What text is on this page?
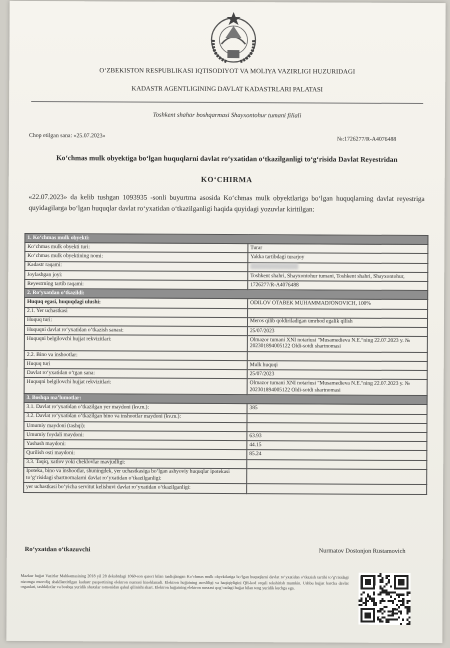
O‘ZBEKISTON RESPUBLIKASI IQTISODIYOT VA MOLIYA VAZIRLIGI HUZURIDAGI
KADASTR AGENTLIGINING DAVLAT KADASTRLARI PALATASI
Toshkent shahar boshqarmasi Shayxontohur tumani filiali
Chop etilgan sana: «25.07.2023»
№:1726277/R-A4076488
Ko‘chmas mulk obyektiga bo‘lgan huquqlarni davlat ro‘yxatidan o‘tkazilganligi to‘g‘risida Davlat Reyestridan
KO‘CHIRMA
«22.07.2023» da kelib tushgan 1093935 -sonli buyurtma asosida Ko‘chmas mulk obyektlariga bo‘lgan huquqlarning davlat reyestriga quyidagilarga bo‘lgan huquqlar davlat ro‘yxatidan o‘tkazilganligi haqida quyidagi yozuvlar kiritilgan:
1. Ko‘chmas mulk obyekti:	
Ko‘chmas mulk obyekti turi:	Turar
Ko‘chmas mulk obyektining nomi:	Yakka tartibdagi turarjoy
Kadastr raqami:	
Joylashgan joyi:	Toshkent shahri, Shayxontohur tumani, Toshkent shahri, Shayxontohur,
Reyestrning tartib raqami:	1726277/R-A4076488
2. Ro‘yxatdan o‘tkazildi:	
Huquq egasi, huquqdagi ulushi:	ODILOV OTABEK MUHAMMADJONOVICH, 100%
2.1. Yer uchastkasi	
Huquq turi:	Meros qilib qoldiriladigan umrbod egalik qilish
Huquqni davlat ro‘yxatidan o‘tkazish sanasi:	25/07/2023
Huquqni belgilovchi hujjat rekvizitlari:	Olmazor tumani XNI notariusi "Musamedieva N.E."ning 22.07.2023 y. № 202301894005122 Oldi-sotdi shartnomasi
2.2. Bino va inshootlar:	
Huquq turi	Mulk huquqi
Davlat ro‘yxatidan o‘tgan sana:	25/07/2023
Huquqni belgilovchi hujjat rekvizitlari:	Olmazor tumani XNI notariusi "Musamedieva N.E."ning 22.07.2023 y. № 202301894005122 Oldi-sotdi shartnomasi
3. Boshqa ma’lumotlar:	
3.1. Davlat ro‘yxatidan o‘tkazilgan yer maydoni (kv.m.):	385
3.2. Davlat ro‘yxatidan o‘tkazilgan bino va inshootlar maydoni (kv.m.):	
Umumiy maydoni (tashqi):	
Umumiy foydali maydoni:	63.93
Yashash maydoni:	44.15
Qurilish osti maydoni:	85.24
3.3. Taqiq, xatlov yoki cheklovlar mavjudligi:	
Ipoteka, bino va inshootlar, shuningdek, yer uchastkasiga bo‘lgan ashyoviy huquqlar ipotekasi to‘g‘risidagi shartnomalarni davlat ro‘yxatidan o‘tkazilganligi:	
yer uchastkasi bo‘yicha servitut kelishuvi davlat ro‘yxatidan o‘tkazilganligi:	
Ro‘yxatdan o‘tkazuvchi	Nurmatov Dostonjon Rustamovich
Mazkur hujjat Vazirlar Mahkamasining 2018 yil 28 dekabrdagi 1060-son qarori bilan tasdiqlangan Ko‘chmas mulk obyektlariga bo‘lgan huquqlarni davlat ro‘yxatidan o‘tkazish tartibi to‘g‘risidagi nizomga muvofiq shakllantirilgan kadastr pasportining elektron nusxasi hisoblanadi. Elektron hujjatning asosliligi va haqiqiyligini QR-kod orqali tekshirish mumkin. Ushbu hujjat barcha davlat organlari, tashkilotlar va boshqa yuridik shaxslar tomonidan qabul qilinishi shart. Elektron hujjatning elektron nusxasi qog‘ozdagi hujjat bilan teng yuridik kuchga ega.
